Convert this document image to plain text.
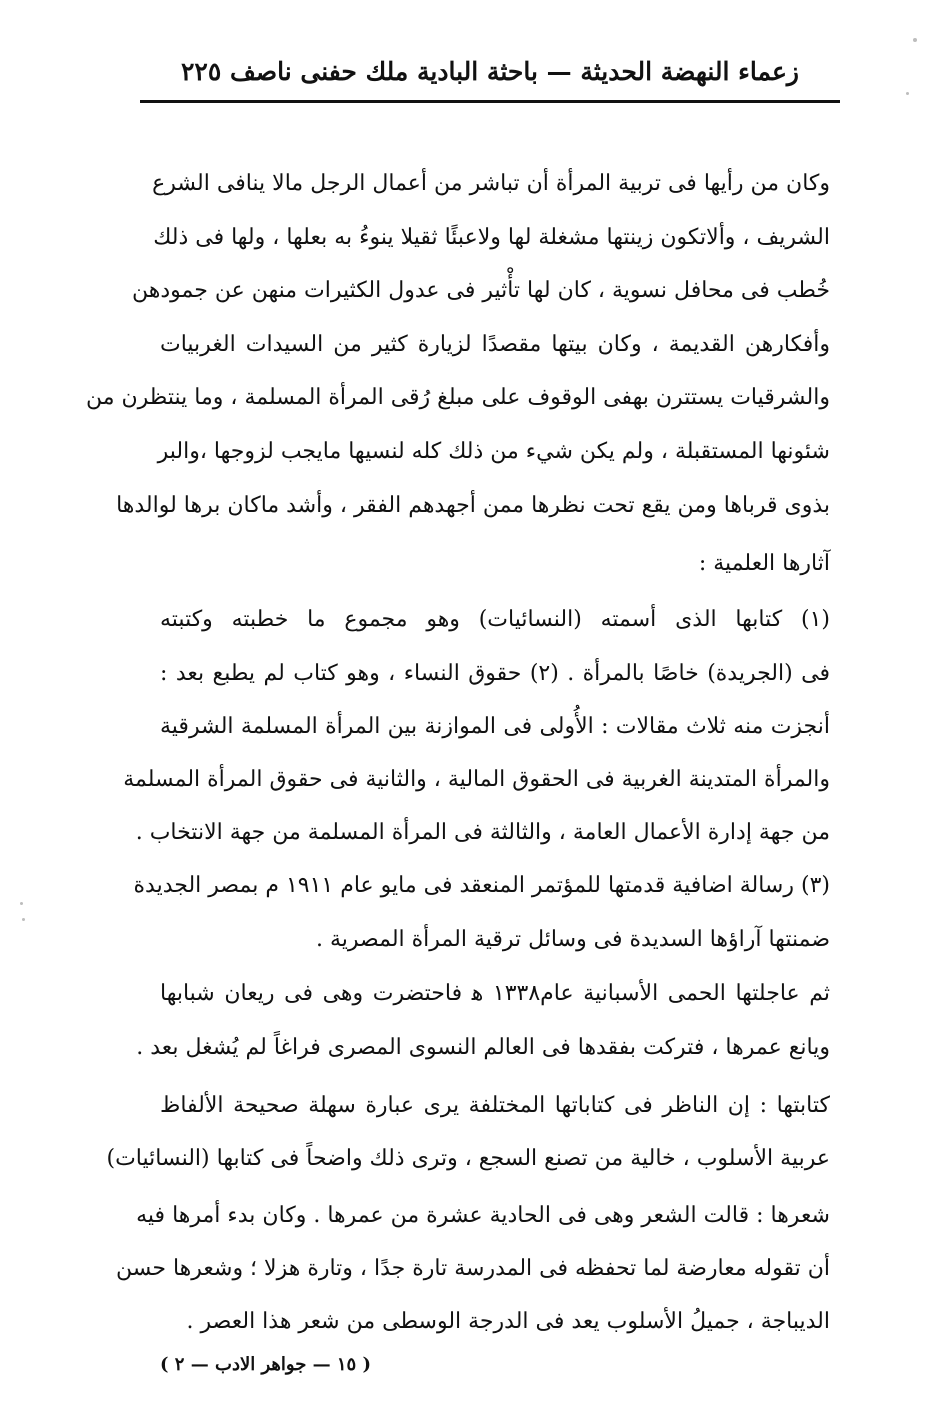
زعماء النهضة الحديثة — باحثة البادية ملك حفنى ناصف ٢٢٥
وكان من رأيها فى تربية المرأة أن تباشر من أعمال الرجل مالا ينافى الشرع
الشريف ، وألاتكون زينتها مشغلة لها ولاعبئًا ثقيلا ينوءُ به بعلها ، ولها فى ذلك
خُطب فى محافل نسوية ، كان لها تأْثير فى عدول الكثيرات منهن عن جمودهن
وأفكارهن القديمة ، وكان بيتها مقصدًا لزيارة كثير من السيدات الغربيات
والشرقيات يستترن بهفى الوقوف على مبلغ رُقى المرأة المسلمة ، وما ينتظرن من
شئونها المستقبلة ، ولم يكن شيء من ذلك كله لنسيها مايجب لزوجها ،والبر
بذوى قرباها ومن يقع تحت نظرها ممن أجهدهم الفقر ، وأشد ماكان برها لوالدها
آثارها العلمية :
(١) كتابها الذى أسمته (النسائيات) وهو مجموع ما خطبته وكتبته
فى (الجريدة) خاصًا بالمرأة . (٢) حقوق النساء ، وهو كتاب لم يطبع بعد :
أنجزت منه ثلاث مقالات : الأُولى فى الموازنة بين المرأة المسلمة الشرقية
والمرأة المتدينة الغربية فى الحقوق المالية ، والثانية فى حقوق المرأة المسلمة
من جهة إدارة الأعمال العامة ، والثالثة فى المرأة المسلمة من جهة الانتخاب .
(٣) رسالة اضافية قدمتها للمؤتمر المنعقد فى مايو عام ١٩١١ م بمصر الجديدة
ضمنتها آراؤها السديدة فى وسائل ترقية المرأة المصرية .
ثم عاجلتها الحمى الأسبانية عام١٣٣٨ ﻫ فاحتضرت وهى فى ريعان شبابها
ويانع عمرها ، فتركت بفقدها فى العالم النسوى المصرى فراغاً لم يُشغل بعد .
كتابتها : إن الناظر فى كتاباتها المختلفة يرى عبارة سهلة صحيحة الألفاظ
عربية الأسلوب ، خالية من تصنع السجع ، وترى ذلك واضحاً فى كتابها (النسائيات)
شعرها : قالت الشعر وهى فى الحادية عشرة من عمرها . وكان بدء أمرها فيه
أن تقوله معارضة لما تحفظه فى المدرسة تارة جدًا ، وتارة هزلا ؛ وشعرها حسن
الديباجة ، جميلُ الأسلوب يعد فى الدرجة الوسطى من شعر هذا العصر .
( ١٥ — جواهر الادب — ٢ )
